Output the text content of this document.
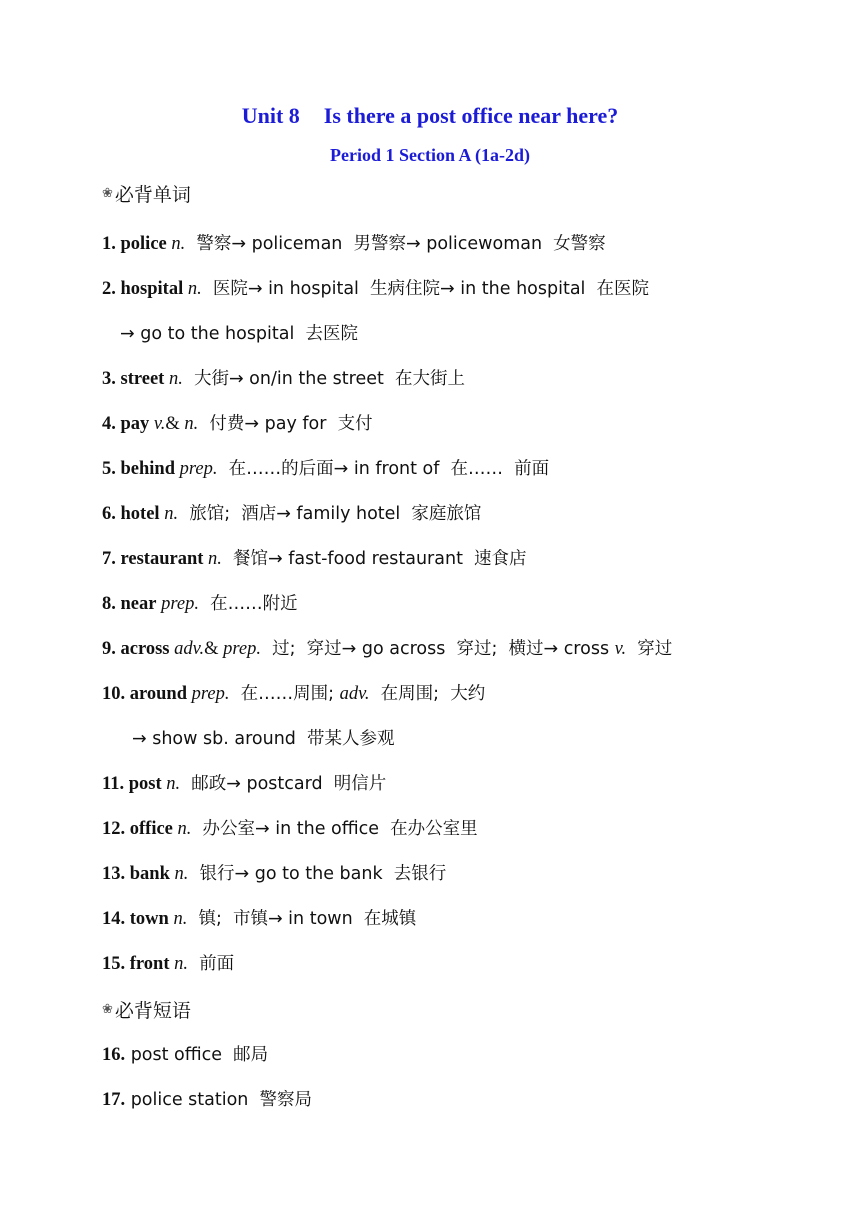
Unit 8 Is there a post office near here?
Period 1 Section A (1a-2d)
❀ 必背单词
1. police n.  警察→ policeman  男警察→ policewoman  女警察
2. hospital n.  医院→ in hospital  生病住院→ in the hospital  在医院
→ go to the hospital  去医院
3. street n.  大街→ on/in the street  在大街上
4. pay v.& n.  付费→ pay for  支付
5. behind prep.  在……的后面→ in front of  在……  前面
6. hotel n.  旅馆;  酒店→ family hotel  家庭旅馆
7. restaurant n.  餐馆→ fast-food restaurant  速食店
8. near prep.  在……附近
9. across adv.& prep.  过;  穿过→ go across  穿过;  横过→ cross v.  穿过
10. around prep.  在……周围; adv.  在周围;  大约
→ show sb. around  带某人参观
11. post n.  邮政→ postcard  明信片
12. office n.  办公室→ in the office  在办公室里
13. bank n.  银行→ go to the bank  去银行
14. town n.  镇;  市镇→ in town  在城镇
15. front n.  前面
❀ 必背短语
16. post office  邮局
17. police station  警察局
